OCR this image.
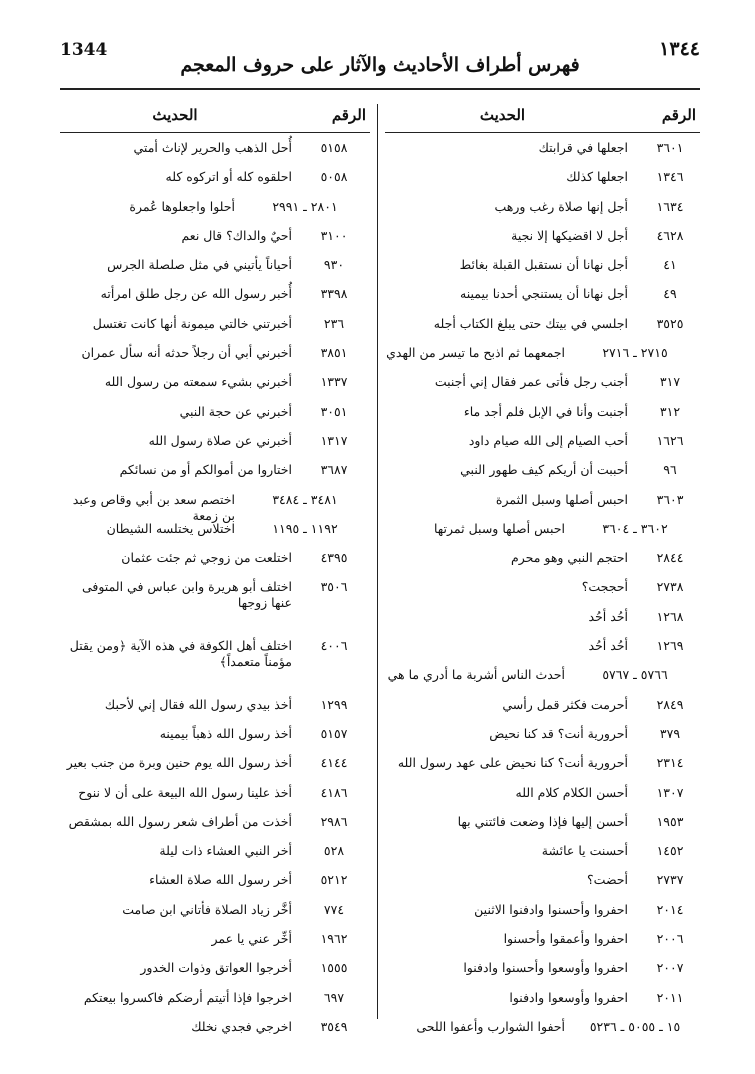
1344
فهرس أطراف الأحاديث والآثار على حروف المعجم
١٣٤٤
الرقم
الحديث
٣٦٠١
اجعلها في قرابتك
١٣٤٦
اجعلها كذلك
١٦٣٤
أجل إنها صلاة رغب ورهب
٤٦٢٨
أجل لا اقضيكها إلا نجية
٤١
أجل نهانا أن نستقبل القبلة بغائط
٤٩
أجل نهانا أن يستنجي أحدنا بيمينه
٣٥٢٥
اجلسي في بيتك حتى يبلغ الكتاب أجله
٢٧١٥ ـ ٢٧١٦
اجمعهما ثم اذبح ما تيسر من الهدي
٣١٧
أجنب رجل فأتى عمر فقال إني أجنبت
٣١٢
أجنبت وأنا في الإبل فلم أجد ماء
١٦٢٦
أحب الصيام إلى الله صيام داود
٩٦
أحببت أن أريكم كيف طهور النبي
٣٦٠٣
احبس أصلها وسبل الثمرة
٣٦٠٢ ـ ٣٦٠٤
احبس أصلها وسبل ثمرتها
٢٨٤٤
احتجم النبي وهو محرم
٢٧٣٨
أحججت؟
١٢٦٨
أحُد أحُد
١٢٦٩
أحُد أحُد
٥٧٦٦ ـ ٥٧٦٧
أحدث الناس أشربة ما أدري ما هي
٢٨٤٩
أحرمت فكثر قمل رأسي
٣٧٩
أحرورية أنت؟ قد كنا نحيض
٢٣١٤
أحرورية أنت؟ كنا نحيض على عهد رسول الله
١٣٠٧
أحسن الكلام كلام الله
١٩٥٣
أحسن إليها فإذا وضعت فائتني بها
١٤٥٢
أحسنت يا عائشة
٢٧٣٧
أحضت؟
٢٠١٤
احفروا وأحسنوا وادفنوا الاثنين
٢٠٠٦
احفروا وأعمقوا وأحسنوا
٢٠٠٧
احفروا وأوسعوا وأحسنوا وادفنوا
٢٠١١
احفروا وأوسعوا وادفنوا
١٥ ـ ٥٠٥٥ ـ ٥٢٣٦
أحفوا الشوارب وأعفوا اللحى
الرقم
الحديث
٥١٥٨
أُحل الذهب والحرير لإناث أمتي
٥٠٥٨
احلقوه كله أو اتركوه كله
٢٨٠١ ـ ٢٩٩١
أحلوا واجعلوها عُمرة
٣١٠٠
أحيٌ والداك؟ قال نعم
٩٣٠
أحياناً يأتيني في مثل صلصلة الجرس
٣٣٩٨
أُخبر رسول الله عن رجل طلق امرأته
٢٣٦
أخبرتني خالتي ميمونة أنها كانت تغتسل
٣٨٥١
أخبرني أبي أن رجلاً حدثه أنه سأل عمران
١٣٣٧
أخبرني بشيء سمعته من رسول الله
٣٠٥١
أخبرني عن حجة النبي
١٣١٧
أخبرني عن صلاة رسول الله
٣٦٨٧
اختاروا من أموالكم أو من نسائكم
٣٤٨١ ـ ٣٤٨٤
اختصم سعد بن أبي وقاص وعبد بن زمعة
١١٩٢ ـ ١١٩٥
اختلاس يختلسه الشيطان
٤٣٩٥
اختلعت من زوجي ثم جئت عثمان
٣٥٠٦
اختلف أبو هريرة وابن عباس في المتوفى عنها زوجها
٤٠٠٦
اختلف أهل الكوفة في هذه الآية ﴿ومن يقتل مؤمناً متعمداً﴾
١٢٩٩
أخذ بيدي رسول الله فقال إني لأحبك
٥١٥٧
أخذ رسول الله ذهباً بيمينه
٤١٤٤
أخذ رسول الله يوم حنين وبرة من جنب بعير
٤١٨٦
أخذ علينا رسول الله البيعة على أن لا ننوح
٢٩٨٦
أخذت من أطراف شعر رسول الله بمشقص
٥٢٨
أخر النبي العشاء ذات ليلة
٥٢١٢
أخر رسول الله صلاة العشاء
٧٧٤
أخَّر زياد الصلاة فأتاني ابن صامت
١٩٦٢
أخِّر عني يا عمر
١٥٥٥
أخرجوا العواتق وذوات الخدور
٦٩٧
اخرجوا فإذا أتيتم أرضكم فاكسروا بيعتكم
٣٥٤٩
اخرجي فجدي نخلك
